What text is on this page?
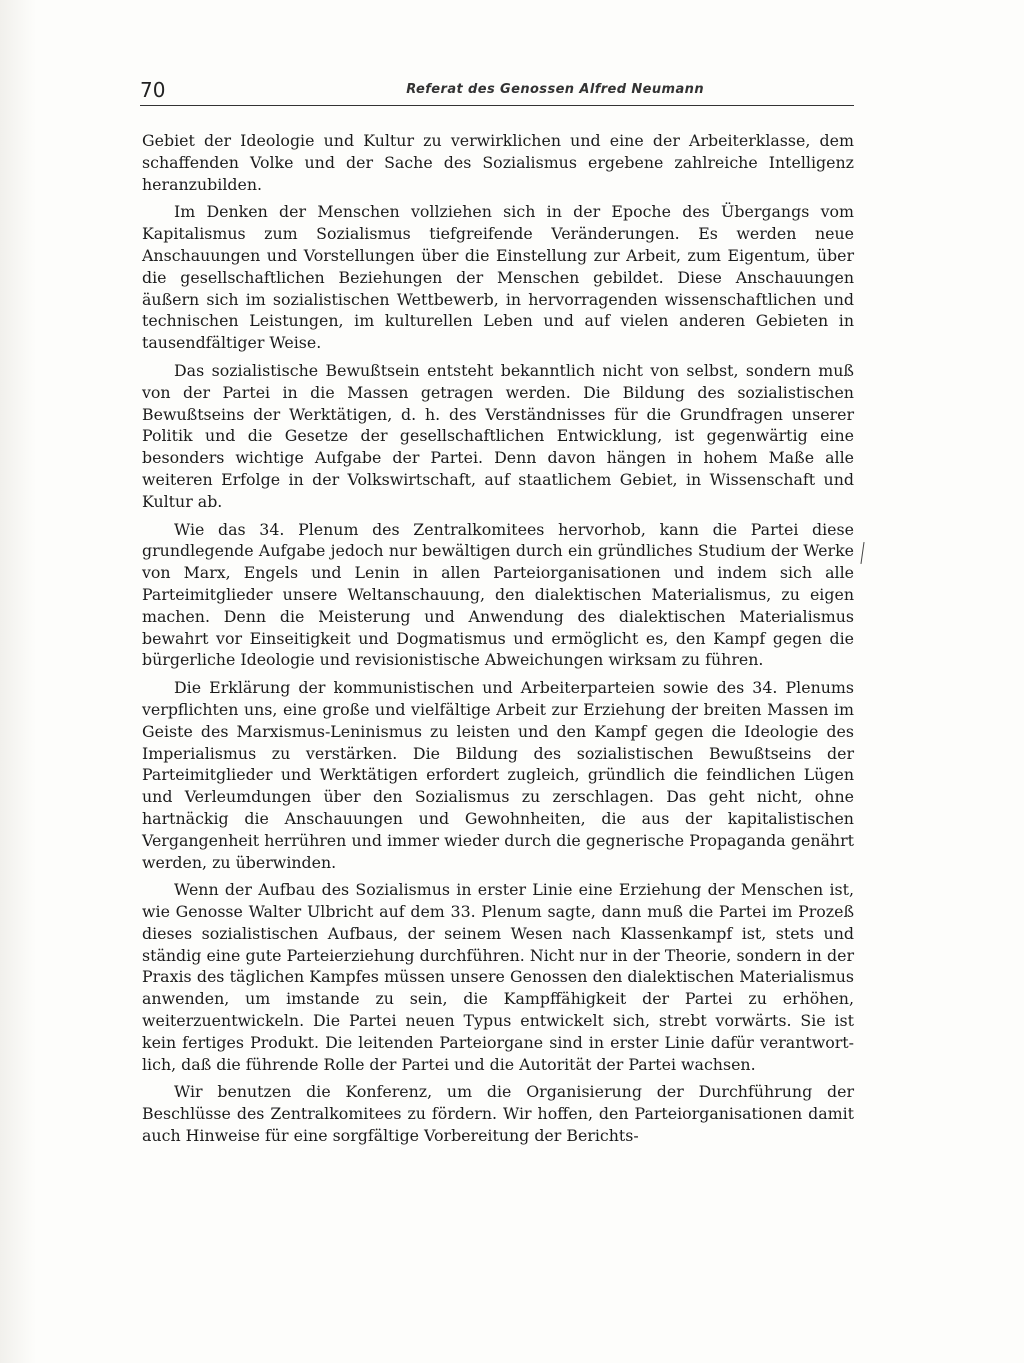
70	Referat des Genossen Alfred Neumann

Gebiet der Ideologie und Kultur zu verwirklichen und eine der Arbeiterklasse, dem schaffenden Volke und der Sache des Sozialismus ergebene zahlreiche Intelligenz heranzubilden.

Im Denken der Menschen vollziehen sich in der Epoche des Übergangs vom Kapitalismus zum Sozialismus tiefgreifende Veränderungen. Es werden neue Anschauungen und Vorstellungen über die Einstellung zur Arbeit, zum Eigentum, über die gesellschaftlichen Beziehungen der Menschen gebildet. Diese Anschauungen äußern sich im sozialistischen Wettbewerb, in hervorragenden wissenschaftlichen und technischen Leistungen, im kulturellen Leben und auf vielen anderen Gebieten in tausendfältiger Weise.

Das sozialistische Bewußtsein entsteht bekanntlich nicht von selbst, sondern muß von der Partei in die Massen getragen werden. Die Bildung des sozialistischen Bewußtseins der Werktätigen, d. h. des Verständnisses für die Grundfragen unserer Politik und die Gesetze der gesellschaftlichen Entwicklung, ist gegenwärtig eine besonders wichtige Aufgabe der Partei. Denn davon hängen in hohem Maße alle weiteren Erfolge in der Volkswirtschaft, auf staatlichem Gebiet, in Wissenschaft und Kultur ab.

Wie das 34. Plenum des Zentralkomitees hervorhob, kann die Partei diese grundlegende Aufgabe jedoch nur bewältigen durch ein gründliches Studium der Werke von Marx, Engels und Lenin in allen Parteiorganisationen und indem sich alle Parteimitglieder unsere Weltanschauung, den dialektischen Materialismus, zu eigen machen. Denn die Meisterung und Anwendung des dialektischen Materialismus bewahrt vor Einseitigkeit und Dogmatismus und ermöglicht es, den Kampf gegen die bürgerliche Ideologie und revisionistische Abweichungen wirksam zu führen.

Die Erklärung der kommunistischen und Arbeiterparteien sowie des 34. Plenums verpflichten uns, eine große und vielfältige Arbeit zur Erziehung der breiten Massen im Geiste des Marxismus-Leninismus zu leisten und den Kampf gegen die Ideologie des Imperialismus zu verstärken. Die Bildung des sozialistischen Bewußtseins der Parteimitglieder und Werktätigen erfordert zugleich, gründlich die feindlichen Lügen und Verleumdungen über den Sozialismus zu zerschlagen. Das geht nicht, ohne hartnäckig die Anschauungen und Gewohnheiten, die aus der kapitalistischen Vergangenheit herrühren und immer wieder durch die gegnerische Propaganda genährt werden, zu überwinden.

Wenn der Aufbau des Sozialismus in erster Linie eine Erziehung der Menschen ist, wie Genosse Walter Ulbricht auf dem 33. Plenum sagte, dann muß die Partei im Prozeß dieses sozialistischen Aufbaus, der seinem Wesen nach Klassenkampf ist, stets und ständig eine gute Parteierziehung durchführen. Nicht nur in der Theorie, sondern in der Praxis des täglichen Kampfes müssen unsere Genossen den dialektischen Materialismus anwenden, um imstande zu sein, die Kampffähigkeit der Partei zu erhöhen, weiterzuentwickeln. Die Partei neuen Typus entwickelt sich, strebt vorwärts. Sie ist kein fertiges Produkt. Die leitenden Parteiorgane sind in erster Linie dafür verantwortlich, daß die führende Rolle der Partei und die Autorität der Partei wachsen.

Wir benutzen die Konferenz, um die Organisierung der Durchführung der Beschlüsse des Zentralkomitees zu fördern. Wir hoffen, den Parteiorganisationen damit auch Hinweise für eine sorgfältige Vorbereitung der Berichts-
